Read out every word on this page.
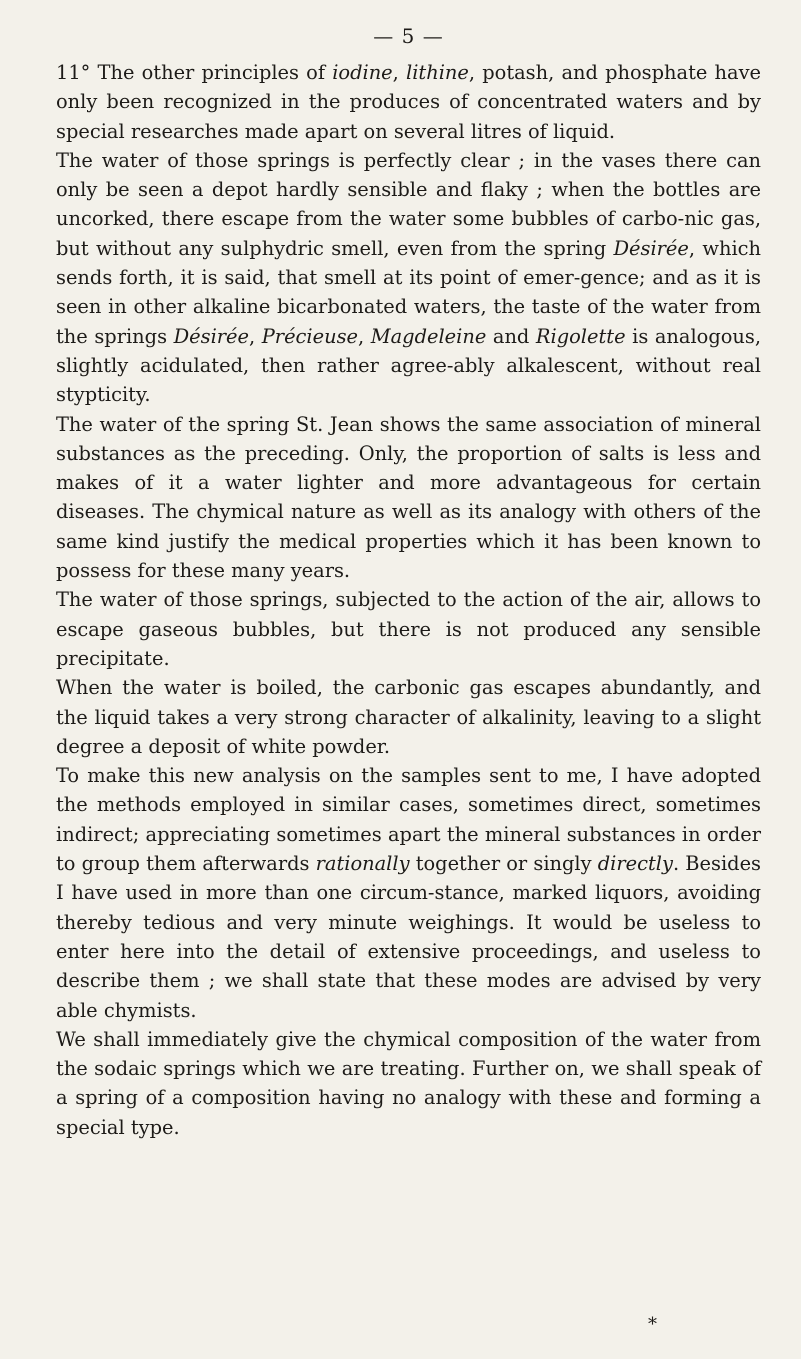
— 5 —

11° The other principles of iodine, lithine, potash, and phosphate have only been recognized in the produces of concentrated waters and by special researches made apart on several litres of liquid.

The water of those springs is perfectly clear ; in the vases there can only be seen a depot hardly sensible and flaky ; when the bottles are uncorked, there escape from the water some bubbles of carbo-nic gas, but without any sulphydric smell, even from the spring Désirée, which sends forth, it is said, that smell at its point of emer-gence; and as it is seen in other alkaline bicarbonated waters, the taste of the water from the springs Désirée, Précieuse, Magdeleine and Rigolette is analogous, slightly acidulated, then rather agree-ably alkalescent, without real stypticity.

The water of the spring St. Jean shows the same association of mineral substances as the preceding. Only, the proportion of salts is less and makes of it a water lighter and more advantageous for certain diseases. The chymical nature as well as its analogy with others of the same kind justify the medical properties which it has been known to possess for these many years.

The water of those springs, subjected to the action of the air, allows to escape gaseous bubbles, but there is not produced any sensible precipitate.

When the water is boiled, the carbonic gas escapes abundantly, and the liquid takes a very strong character of alkalinity, leaving to a slight degree a deposit of white powder.

To make this new analysis on the samples sent to me, I have adopted the methods employed in similar cases, sometimes direct, sometimes indirect; appreciating sometimes apart the mineral substances in order to group them afterwards rationally together or singly directly. Besides I have used in more than one circum-stance, marked liquors, avoiding thereby tedious and very minute weighings. It would be useless to enter here into the detail of extensive proceedings, and useless to describe them ; we shall state that these modes are advised by very able chymists.

We shall immediately give the chymical composition of the water from the sodaic springs which we are treating. Further on, we shall speak of a spring of a composition having no analogy with these and forming a special type.

*
